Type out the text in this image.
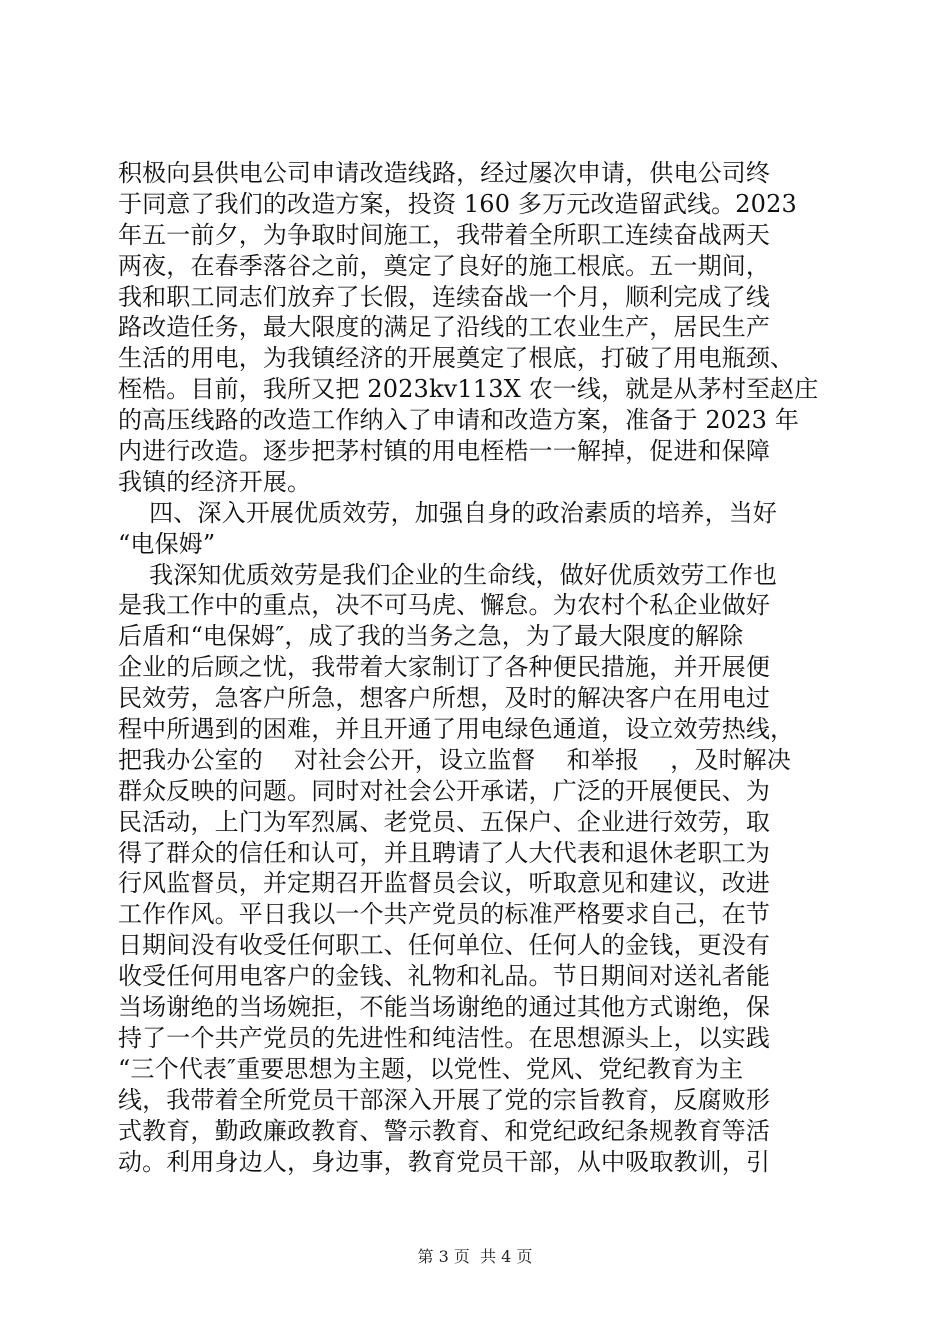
积极向县供电公司申请改造线路，经过屡次申请，供电公司终
于同意了我们的改造方案，投资 160 多万元改造留武线。2023
年五一前夕，为争取时间施工，我带着全所职工连续奋战两天
两夜，在春季落谷之前，奠定了良好的施工根底。五一期间，
我和职工同志们放弃了长假，连续奋战一个月，顺利完成了线
路改造任务，最大限度的满足了沿线的工农业生产，居民生产
生活的用电，为我镇经济的开展奠定了根底，打破了用电瓶颈、
桎梏。目前，我所又把 2023kv113X 农一线，就是从茅村至赵庄
的高压线路的改造工作纳入了申请和改造方案，准备于 2023 年
内进行改造。逐步把茅村镇的用电桎梏一一解掉，促进和保障
我镇的经济开展。
四、深入开展优质效劳，加强自身的政治素质的培养，当好
“电保姆”
我深知优质效劳是我们企业的生命线，做好优质效劳工作也
是我工作中的重点，决不可马虎、懈怠。为农村个私企业做好
后盾和“电保姆″，成了我的当务之急，为了最大限度的解除
企业的后顾之忧，我带着大家制订了各种便民措施，并开展便
民效劳，急客户所急，想客户所想，及时的解决客户在用电过
程中所遇到的困难，并且开通了用电绿色通道，设立效劳热线，
把我办公室的    对社会公开，设立监督    和举报    ，及时解决
群众反映的问题。同时对社会公开承诺，广泛的开展便民、为
民活动，上门为军烈属、老党员、五保户、企业进行效劳，取
得了群众的信任和认可，并且聘请了人大代表和退休老职工为
行风监督员，并定期召开监督员会议，听取意见和建议，改进
工作作风。平日我以一个共产党员的标准严格要求自己，在节
日期间没有收受任何职工、任何单位、任何人的金钱，更没有
收受任何用电客户的金钱、礼物和礼品。节日期间对送礼者能
当场谢绝的当场婉拒，不能当场谢绝的通过其他方式谢绝，保
持了一个共产党员的先进性和纯洁性。在思想源头上，以实践
“三个代表″重要思想为主题，以党性、党风、党纪教育为主
线，我带着全所党员干部深入开展了党的宗旨教育，反腐败形
式教育，勤政廉政教育、警示教育、和党纪政纪条规教育等活
动。利用身边人，身边事，教育党员干部，从中吸取教训，引
第 3 页  共 4 页
